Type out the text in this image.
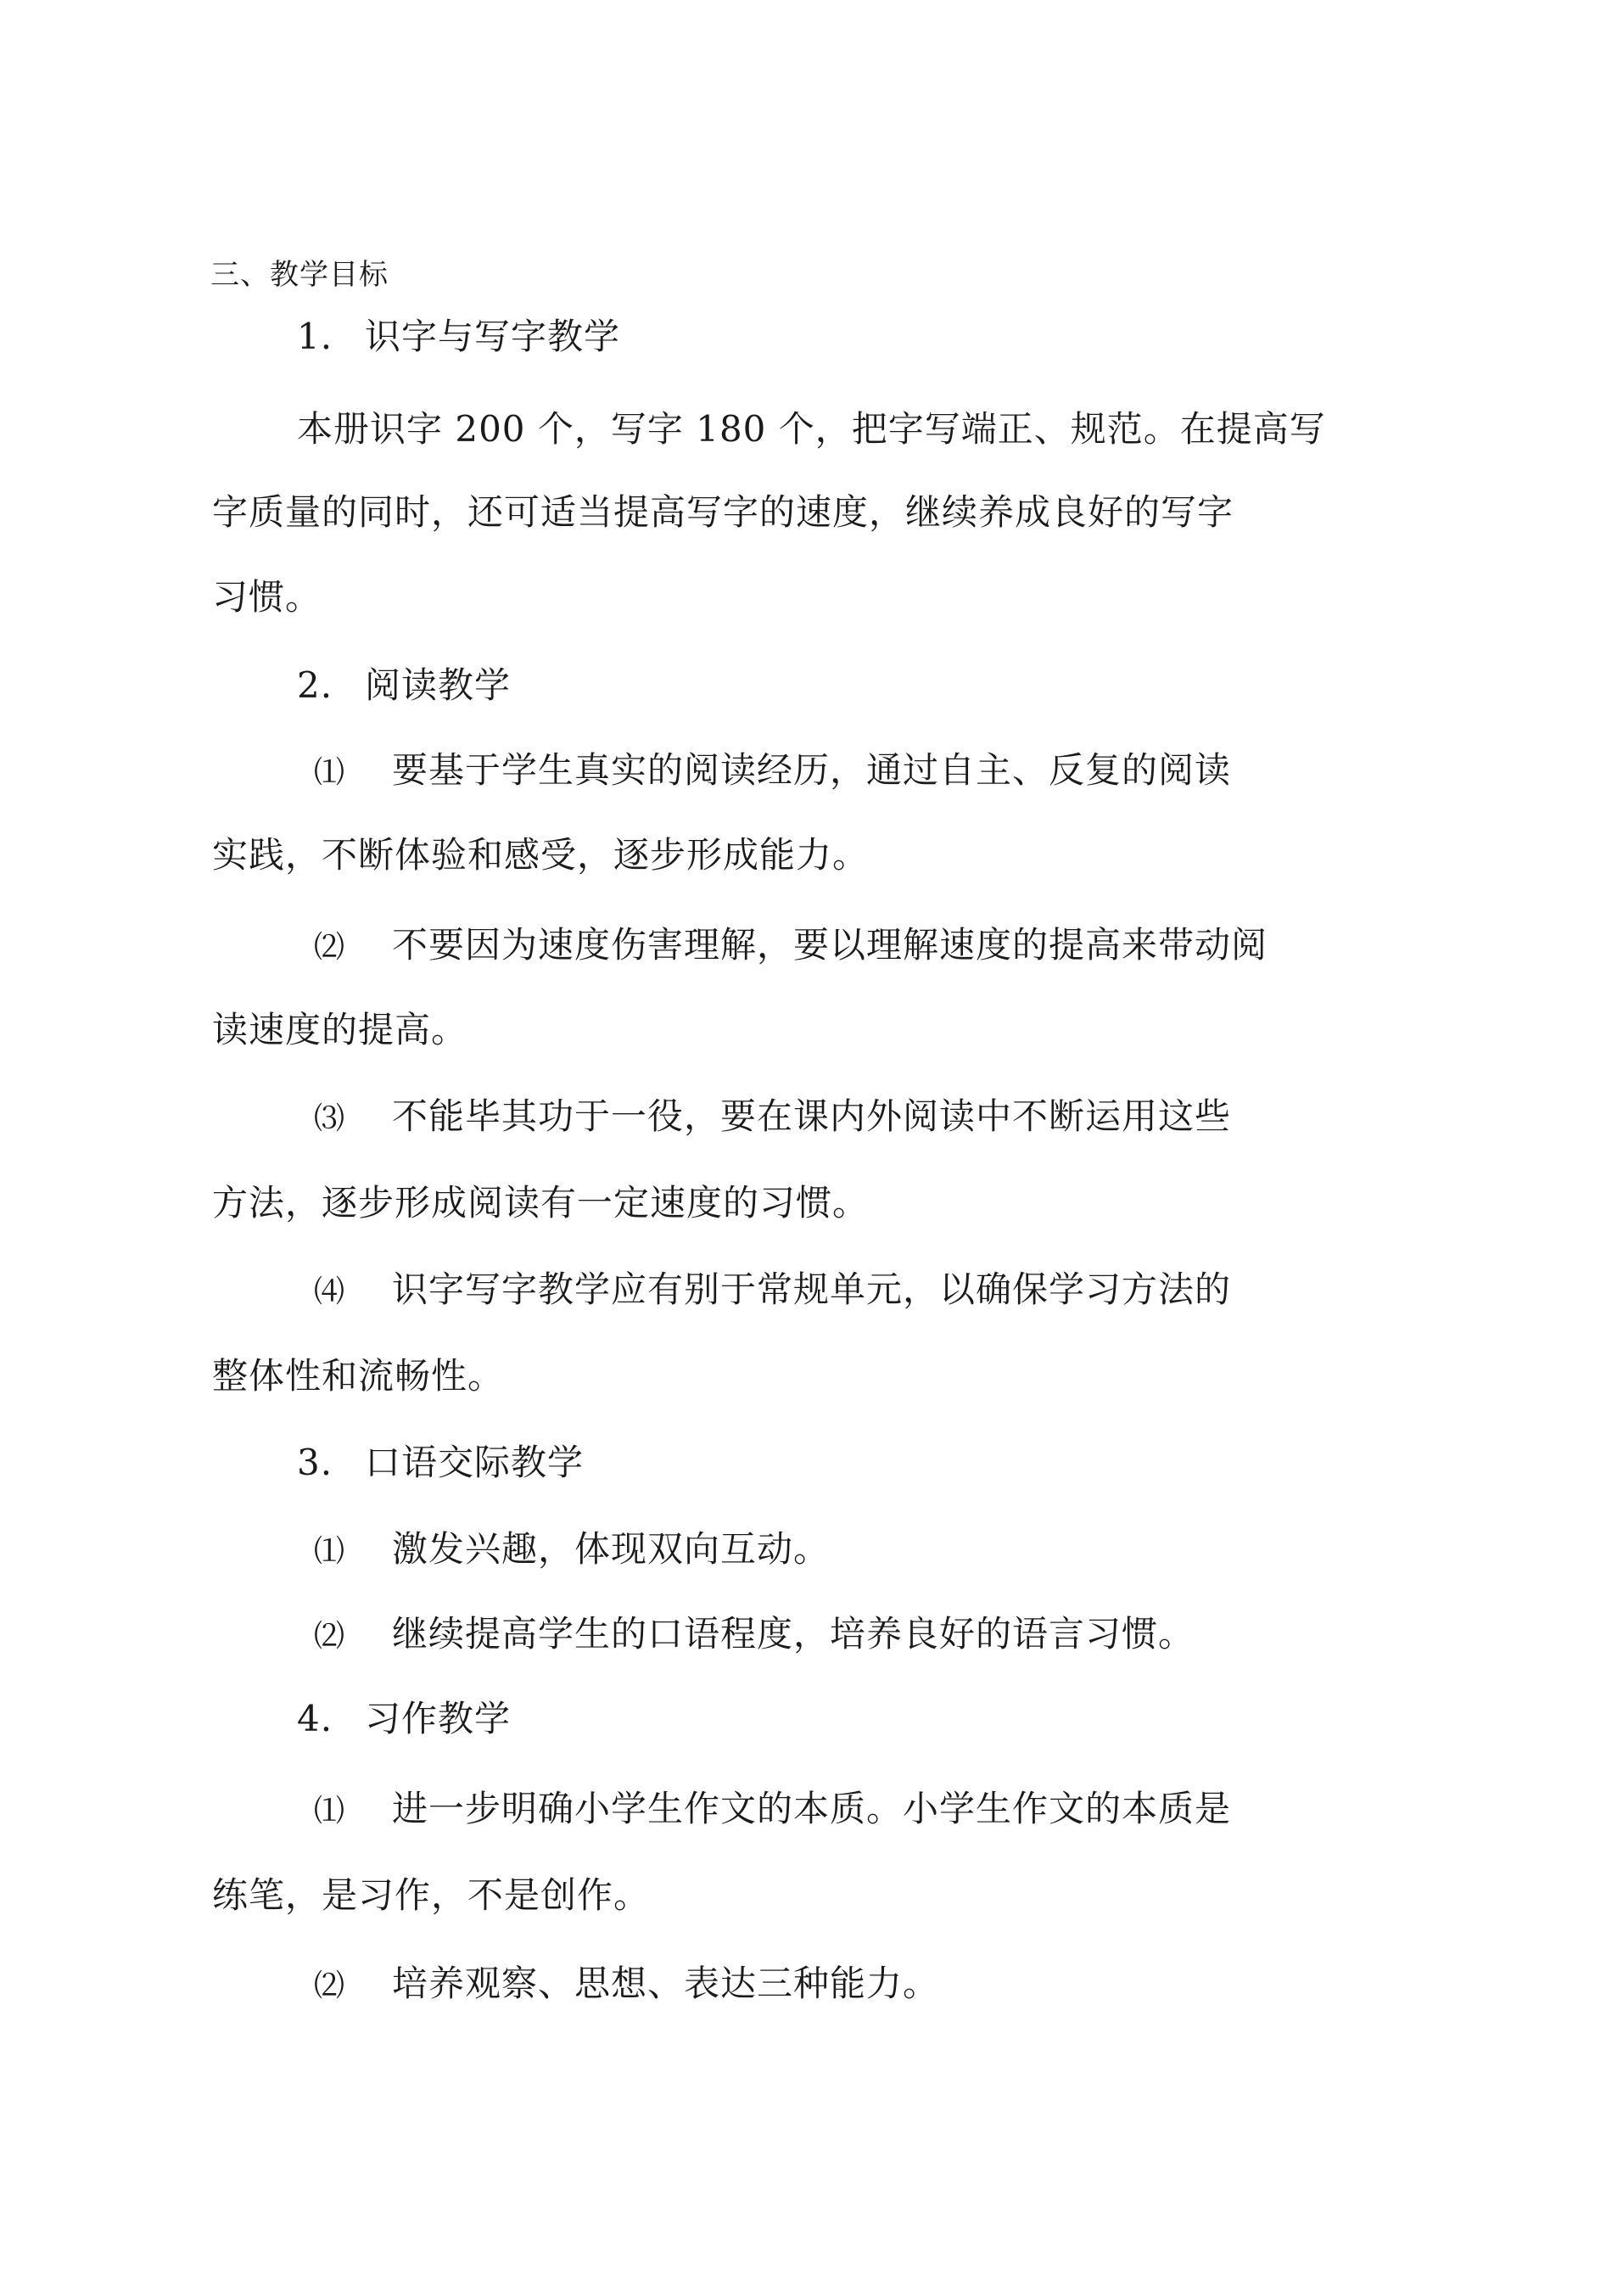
三、教学目标
1. 识字与写字教学
本册识字 200 个，写字 180 个，把字写端正、规范。在提高写
字质量的同时，还可适当提高写字的速度，继续养成良好的写字
习惯。
2. 阅读教学
⑴ 要基于学生真实的阅读经历，通过自主、反复的阅读
实践，不断体验和感受，逐步形成能力。
⑵ 不要因为速度伤害理解，要以理解速度的提高来带动阅
读速度的提高。
⑶ 不能毕其功于一役，要在课内外阅读中不断运用这些
方法，逐步形成阅读有一定速度的习惯。
⑷ 识字写字教学应有别于常规单元，以确保学习方法的
整体性和流畅性。
3. 口语交际教学
⑴ 激发兴趣，体现双向互动。
⑵ 继续提高学生的口语程度，培养良好的语言习惯。
4. 习作教学
⑴ 进一步明确小学生作文的本质。小学生作文的本质是
练笔，是习作，不是创作。
⑵ 培养观察、思想、表达三种能力。
